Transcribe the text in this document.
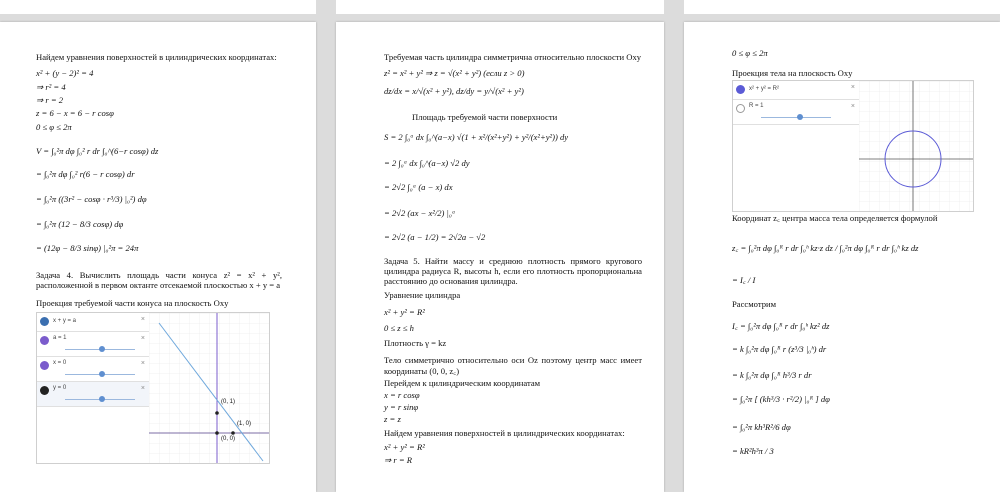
Найдем уравнения поверхностей в цилиндрических координатах:
x² + (y − 2)² = 4
⇒ r² = 4
⇒ r = 2
z = 6 − x = 6 − r cosφ
0 ≤ φ ≤ 2π
V = ∫₀²π dφ ∫₀² r dr ∫₀^(6−r cosφ) dz
= ∫₀²π dφ ∫₀² r(6 − r cosφ) dr
= ∫₀²π ((3r² − cosφ · r³/3) |₀²) dφ
= ∫₀²π (12 − 8/3 cosφ) dφ
= (12φ − 8/3 sinφ) |₀²π = 24π
Задача 4. Вычислить площадь части конуса z² = x² + y², расположенной в первом октанте отсекаемой плоскостью x + y = a
Проекция требуемой части конуса на плоскость Oxy
(0, 1)
(1, 0)
(0, 0)
x + y = a	×
a = 1	×
x = 0	×
y = 0	×
Требуемая часть цилиндра симметрична относительно плоскости Oxy
z² = x² + y² ⇒ z = √(x² + y²) (если z > 0)
dz/dx = x/√(x² + y²), dz/dy = y/√(x² + y²)
Площадь требуемой части поверхности
S = 2 ∫₀ᵃ dx ∫₀^(a−x) √(1 + x²/(x²+y²) + y²/(x²+y²)) dy
= 2 ∫₀ᵃ dx ∫₀^(a−x) √2 dy
= 2√2 ∫₀ᵃ (a − x) dx
= 2√2 (ax − x²/2) |₀ᵃ
= 2√2 (a − 1/2) = 2√2a − √2
Задача 5. Найти массу и среднюю плотность прямого кругового цилиндра радиуса R, высоты h, если его плотность пропорциональна расстоянию до основания цилиндра.
Уравнение цилиндра
x² + y² = R²
0 ≤ z ≤ h
Плотность γ = kz
Тело симметрично относительно оси Oz поэтому центр масс имеет координаты (0, 0, z꜀)
Перейдем к цилиндрическим координатам
x = r cosφ
y = r sinφ
z = z
Найдем уравнения поверхностей в цилиндрических координатах:
x² + y² = R²
⇒ r = R
0 ≤ φ ≤ 2π
Проекция тела на плоскость Oxy
x² + y² = R²	×
R = 1	×
Координат z꜀ центра масса тела определяется формулой
z꜀ = ∫₀²π dφ ∫₀ᴿ r dr ∫₀ʰ kz·z dz / ∫₀²π dφ ∫₀ᴿ r dr ∫₀ʰ kz dz
= I꜀ / I
Рассмотрим
I꜀ = ∫₀²π dφ ∫₀ᴿ r dr ∫₀ʰ kz² dz
= k ∫₀²π dφ ∫₀ᴿ r (z³/3 |₀ʰ) dr
= k ∫₀²π dφ ∫₀ᴿ h³/3 r dr
= ∫₀²π [ (kh³/3 · r²/2) |₀ᴿ ] dφ
= ∫₀²π kh³R²/6 dφ
= kR²h³π / 3
